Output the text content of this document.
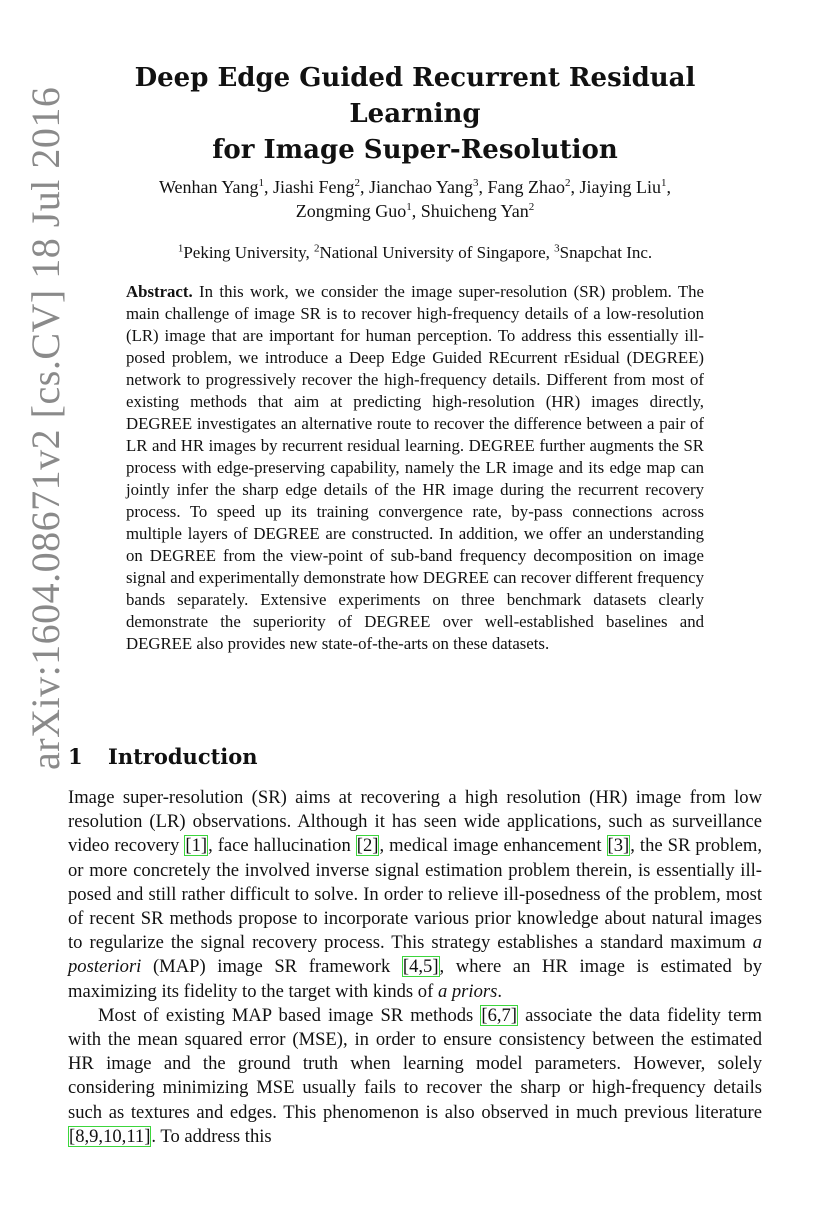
arXiv:1604.08671v2 [cs.CV] 18 Jul 2016
Deep Edge Guided Recurrent Residual Learning
for Image Super-Resolution
Wenhan Yang$^1$, Jiashi Feng$^2$, Jianchao Yang$^3$, Fang Zhao$^2$, Jiaying Liu$^1$,
Zongming Guo$^1$, Shuicheng Yan$^2$
$^1$Peking University, $^2$National University of Singapore, $^3$Snapchat Inc.
Abstract. In this work, we consider the image super-resolution (SR) problem. The main challenge of image SR is to recover high-frequency details of a low-resolution (LR) image that are important for human perception. To address this essentially ill-posed problem, we introduce a Deep Edge Guided REcurrent rEsidual (DEGREE) network to progressively recover the high-frequency details. Different from most of existing methods that aim at predicting high-resolution (HR) images directly, DEGREE investigates an alternative route to recover the difference between a pair of LR and HR images by recurrent residual learning. DEGREE further augments the SR process with edge-preserving capability, namely the LR image and its edge map can jointly infer the sharp edge details of the HR image during the recurrent recovery process. To speed up its training convergence rate, by-pass connections across multiple layers of DEGREE are constructed. In addition, we offer an understanding on DEGREE from the view-point of sub-band frequency decomposition on image signal and experimentally demonstrate how DEGREE can recover different frequency bands separately. Extensive experiments on three benchmark datasets clearly demonstrate the superiority of DEGREE over well-established baselines and DEGREE also provides new state-of-the-arts on these datasets.
1 Introduction

Image super-resolution (SR) aims at recovering a high resolution (HR) image from low resolution (LR) observations. Although it has seen wide applications, such as surveillance video recovery [1], face hallucination [2], medical image enhancement [3], the SR problem, or more concretely the involved inverse signal estimation problem therein, is essentially ill-posed and still rather difficult to solve. In order to relieve ill-posedness of the problem, most of recent SR methods propose to incorporate various prior knowledge about natural images to regularize the signal recovery process. This strategy establishes a standard maximum a posteriori (MAP) image SR framework [4,5], where an HR image is estimated by maximizing its fidelity to the target with kinds of a priors.

Most of existing MAP based image SR methods [6,7] associate the data fidelity term with the mean squared error (MSE), in order to ensure consistency between the estimated HR image and the ground truth when learning model parameters. However, solely considering minimizing MSE usually fails to recover the sharp or high-frequency details such as textures and edges. This phenomenon is also observed in much previous literature [8,9,10,11]. To address this
